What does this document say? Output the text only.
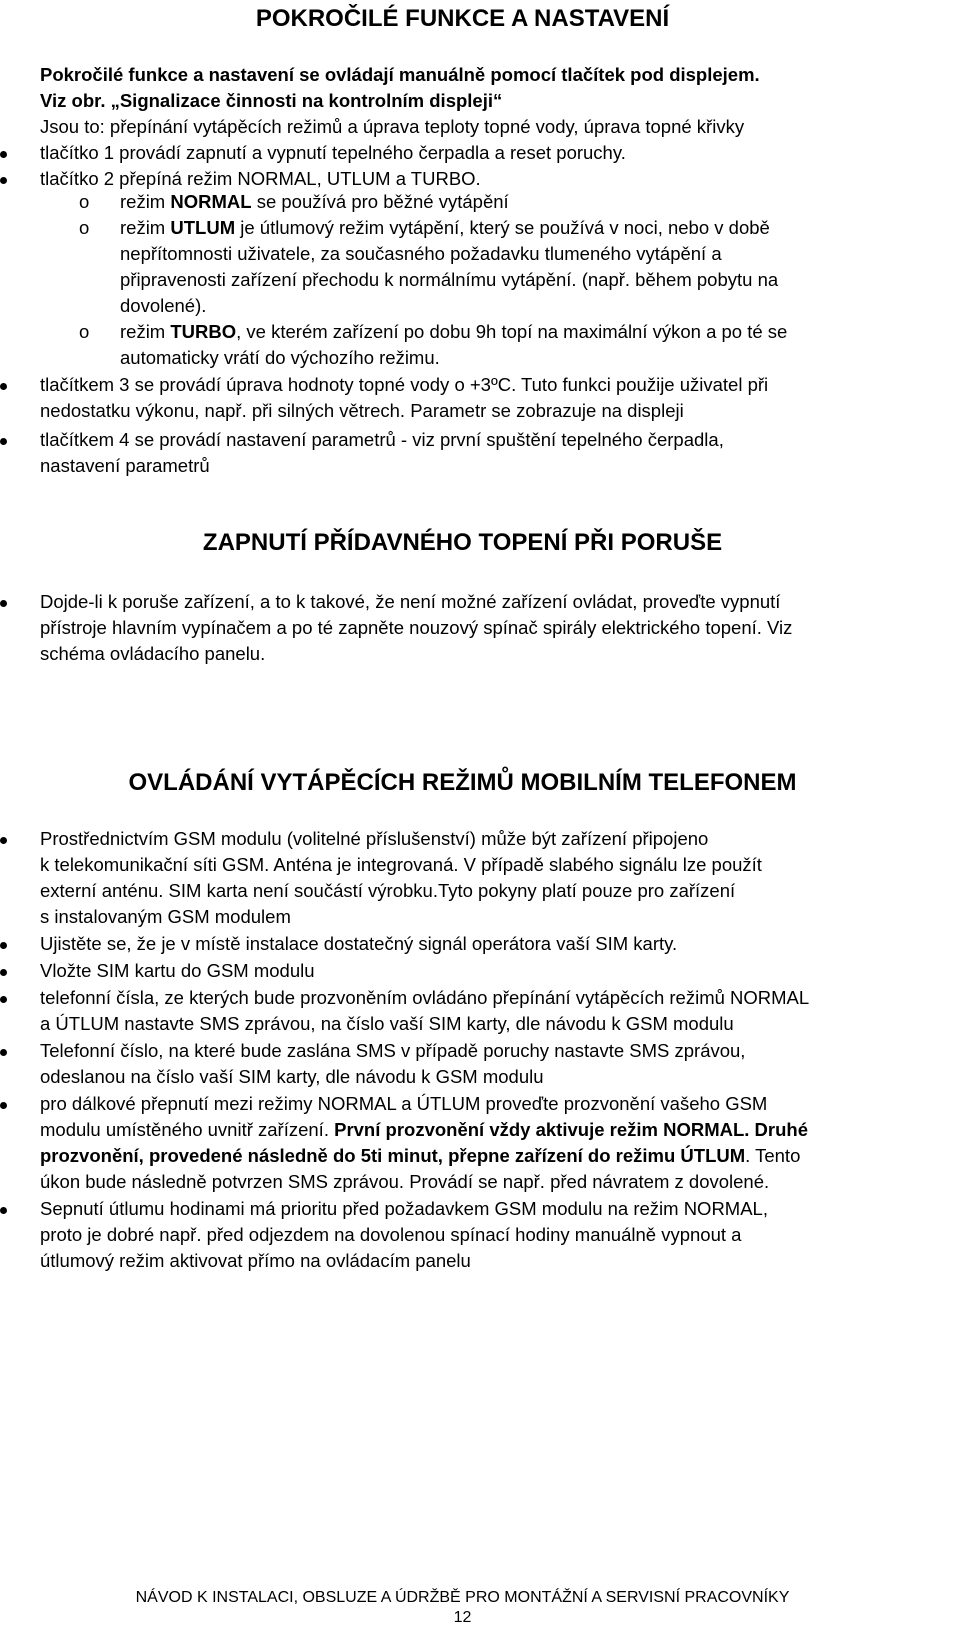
POKROČILÉ FUNKCE A NASTAVENÍ
Pokročilé funkce a nastavení se ovládají manuálně pomocí tlačítek pod displejem.
Viz obr. „Signalizace činnosti na kontrolním displeji“
Jsou to: přepínání vytápěcích režimů a úprava teploty topné vody, úprava topné křivky
tlačítko 1 provádí zapnutí a vypnutí tepelného čerpadla a reset poruchy.
tlačítko 2 přepíná režim NORMAL, UTLUM a TURBO.
o režim NORMAL se používá pro běžné vytápění
o režim UTLUM je útlumový režim vytápění, který se používá v noci, nebo v době
nepřítomnosti uživatele, za současného požadavku tlumeného vytápění a
připravenosti zařízení přechodu k normálnímu vytápění. (např. během pobytu na
dovolené).
o režim TURBO, ve kterém zařízení po dobu 9h topí na maximální výkon a po té se
automaticky vrátí do výchozího režimu.
tlačítkem 3 se provádí úprava hodnoty topné vody o +3ºC. Tuto funkci použije uživatel při
nedostatku výkonu, např. při silných větrech. Parametr se zobrazuje na displeji
tlačítkem 4 se provádí nastavení parametrů - viz první spuštění tepelného čerpadla,
nastavení parametrů
ZAPNUTÍ PŘÍDAVNÉHO TOPENÍ PŘI PORUŠE
Dojde-li k poruše zařízení, a to k takové, že není možné zařízení ovládat, proveďte vypnutí
přístroje hlavním vypínačem a po té zapněte nouzový spínač spirály elektrického topení. Viz
schéma ovládacího panelu.
OVLÁDÁNÍ VYTÁPĚCÍCH REŽIMŮ MOBILNÍM TELEFONEM
Prostřednictvím GSM modulu (volitelné příslušenství) může být zařízení připojeno
k telekomunikační síti GSM. Anténa je integrovaná. V případě slabého signálu lze použít
externí anténu. SIM karta není součástí výrobku.Tyto pokyny platí pouze pro zařízení
s instalovaným GSM modulem
Ujistěte se, že je v místě instalace dostatečný signál operátora vaší SIM karty.
Vložte SIM kartu do GSM modulu
telefonní čísla, ze kterých bude prozvoněním ovládáno přepínání vytápěcích režimů NORMAL
a ÚTLUM nastavte SMS zprávou, na číslo vaší SIM karty, dle návodu k GSM modulu
Telefonní číslo, na které bude zaslána SMS v případě poruchy nastavte SMS zprávou,
odeslanou na číslo vaší SIM karty, dle návodu k GSM modulu
pro dálkové přepnutí mezi režimy NORMAL a ÚTLUM proveďte prozvonění vašeho GSM
modulu umístěného uvnitř zařízení. První prozvonění vždy aktivuje režim NORMAL. Druhé
prozvonění, provedené následně do 5ti minut, přepne zařízení do režimu ÚTLUM. Tento
úkon bude následně potvrzen SMS zprávou. Provádí se např. před návratem z dovolené.
Sepnutí útlumu hodinami má prioritu před požadavkem GSM modulu na režim NORMAL,
proto je dobré např. před odjezdem na dovolenou spínací hodiny manuálně vypnout a
útlumový režim aktivovat přímo na ovládacím panelu
NÁVOD K INSTALACI, OBSLUZE A ÚDRŽBĚ PRO MONTÁŽNÍ A SERVISNÍ PRACOVNÍKY
12
